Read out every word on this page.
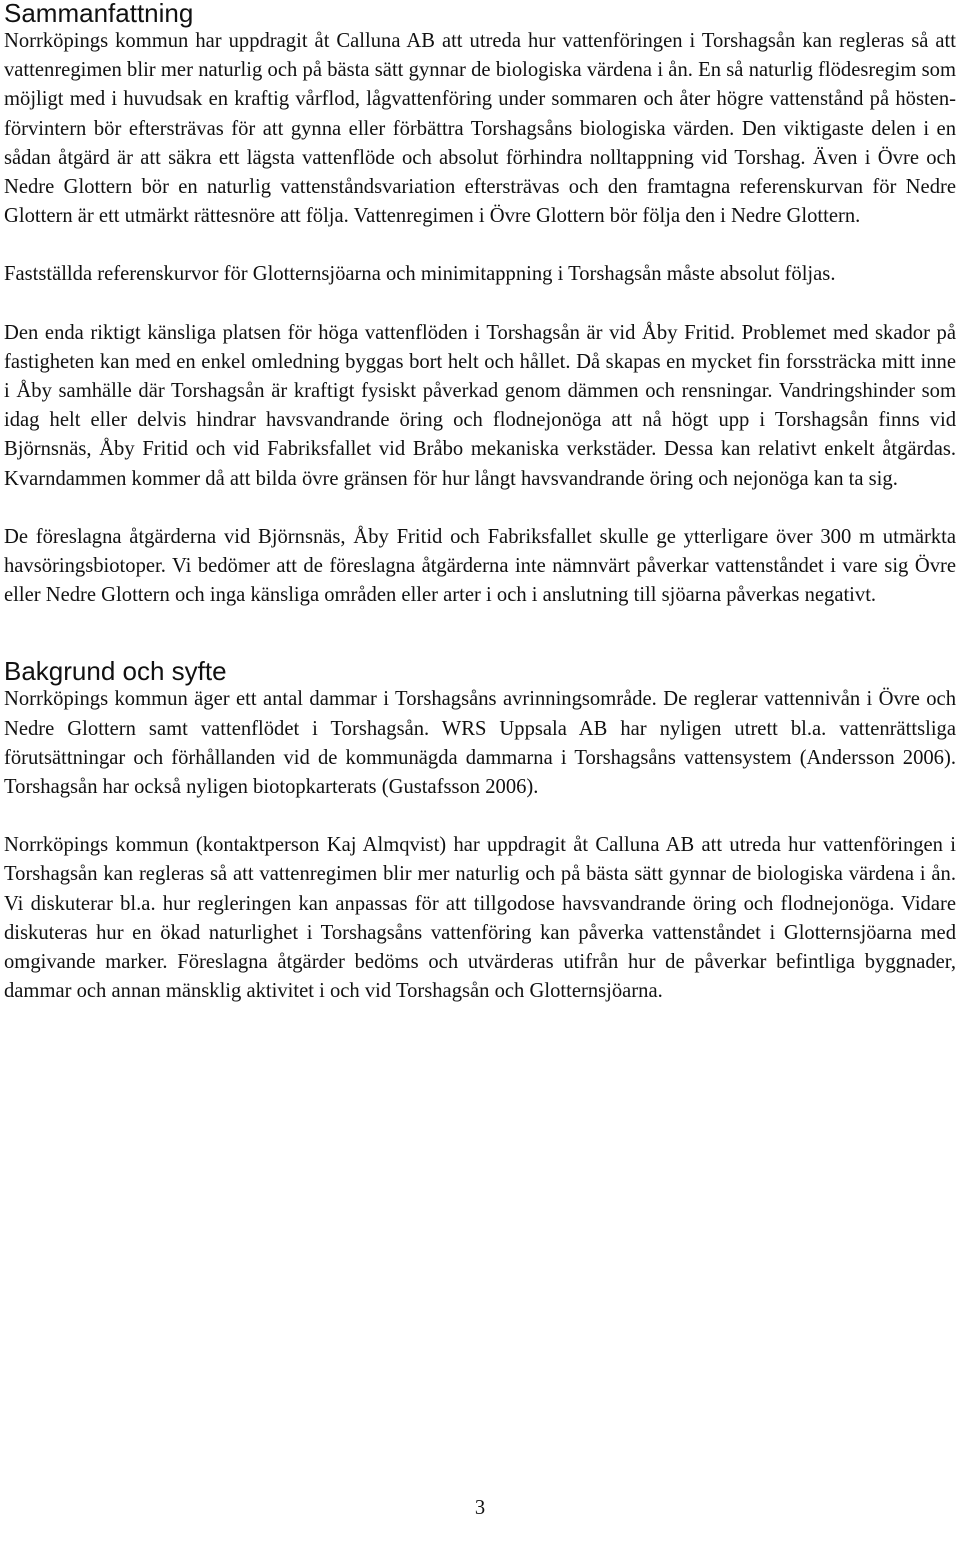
Sammanfattning

Norrköpings kommun har uppdragit åt Calluna AB att utreda hur vattenföringen i Torshagsån kan regleras så att vattenregimen blir mer naturlig och på bästa sätt gynnar de biologiska värdena i ån. En så naturlig flödesregim som möjligt med i huvudsak en kraftig vårflod, lågvattenföring under sommaren och åter högre vattenstånd på hösten-förvintern bör eftersträvas för att gynna eller förbättra Torshagsåns biologiska värden. Den viktigaste delen i en sådan åtgärd är att säkra ett lägsta vattenflöde och absolut förhindra nolltappning vid Torshag. Även i Övre och Nedre Glottern bör en naturlig vattenståndsvariation eftersträvas och den framtagna referenskurvan för Nedre Glottern är ett utmärkt rättesnöre att följa. Vattenregimen i Övre Glottern bör följa den i Nedre Glottern.

Fastställda referenskurvor för Glotternsjöarna och minimitappning i Torshagsån måste absolut följas.

Den enda riktigt känsliga platsen för höga vattenflöden i Torshagsån är vid Åby Fritid. Problemet med skador på fastigheten kan med en enkel omledning byggas bort helt och hållet. Då skapas en mycket fin forssträcka mitt inne i Åby samhälle där Torshagsån är kraftigt fysiskt påverkad genom dämmen och rensningar. Vandringshinder som idag helt eller delvis hindrar havsvandrande öring och flodnejonöga att nå högt upp i Torshagsån finns vid Björnsnäs, Åby Fritid och vid Fabriksfallet vid Bråbo mekaniska verkstäder. Dessa kan relativt enkelt åtgärdas. Kvarndammen kommer då att bilda övre gränsen för hur långt havsvandrande öring och nejonöga kan ta sig.

De föreslagna åtgärderna vid Björnsnäs, Åby Fritid och Fabriksfallet skulle ge ytterligare över 300 m utmärkta havsöringsbiotoper. Vi bedömer att de föreslagna åtgärderna inte nämnvärt påverkar vattenståndet i vare sig Övre eller Nedre Glottern och inga känsliga områden eller arter i och i anslutning till sjöarna påverkas negativt.

Bakgrund och syfte

Norrköpings kommun äger ett antal dammar i Torshagsåns avrinningsområde. De reglerar vattennivån i Övre och Nedre Glottern samt vattenflödet i Torshagsån. WRS Uppsala AB har nyligen utrett bl.a. vattenrättsliga förutsättningar och förhållanden vid de kommunägda dammarna i Torshagsåns vattensystem (Andersson 2006). Torshagsån har också nyligen biotopkarterats (Gustafsson 2006).

Norrköpings kommun (kontaktperson Kaj Almqvist) har uppdragit åt Calluna AB att utreda hur vattenföringen i Torshagsån kan regleras så att vattenregimen blir mer naturlig och på bästa sätt gynnar de biologiska värdena i ån. Vi diskuterar bl.a. hur regleringen kan anpassas för att tillgodose havsvandrande öring och flodnejonöga. Vidare diskuteras hur en ökad naturlighet i Torshagsåns vattenföring kan påverka vattenståndet i Glotternsjöarna med omgivande marker. Föreslagna åtgärder bedöms och utvärderas utifrån hur de påverkar befintliga byggnader, dammar och annan mänsklig aktivitet i och vid Torshagsån och Glotternsjöarna.

3
